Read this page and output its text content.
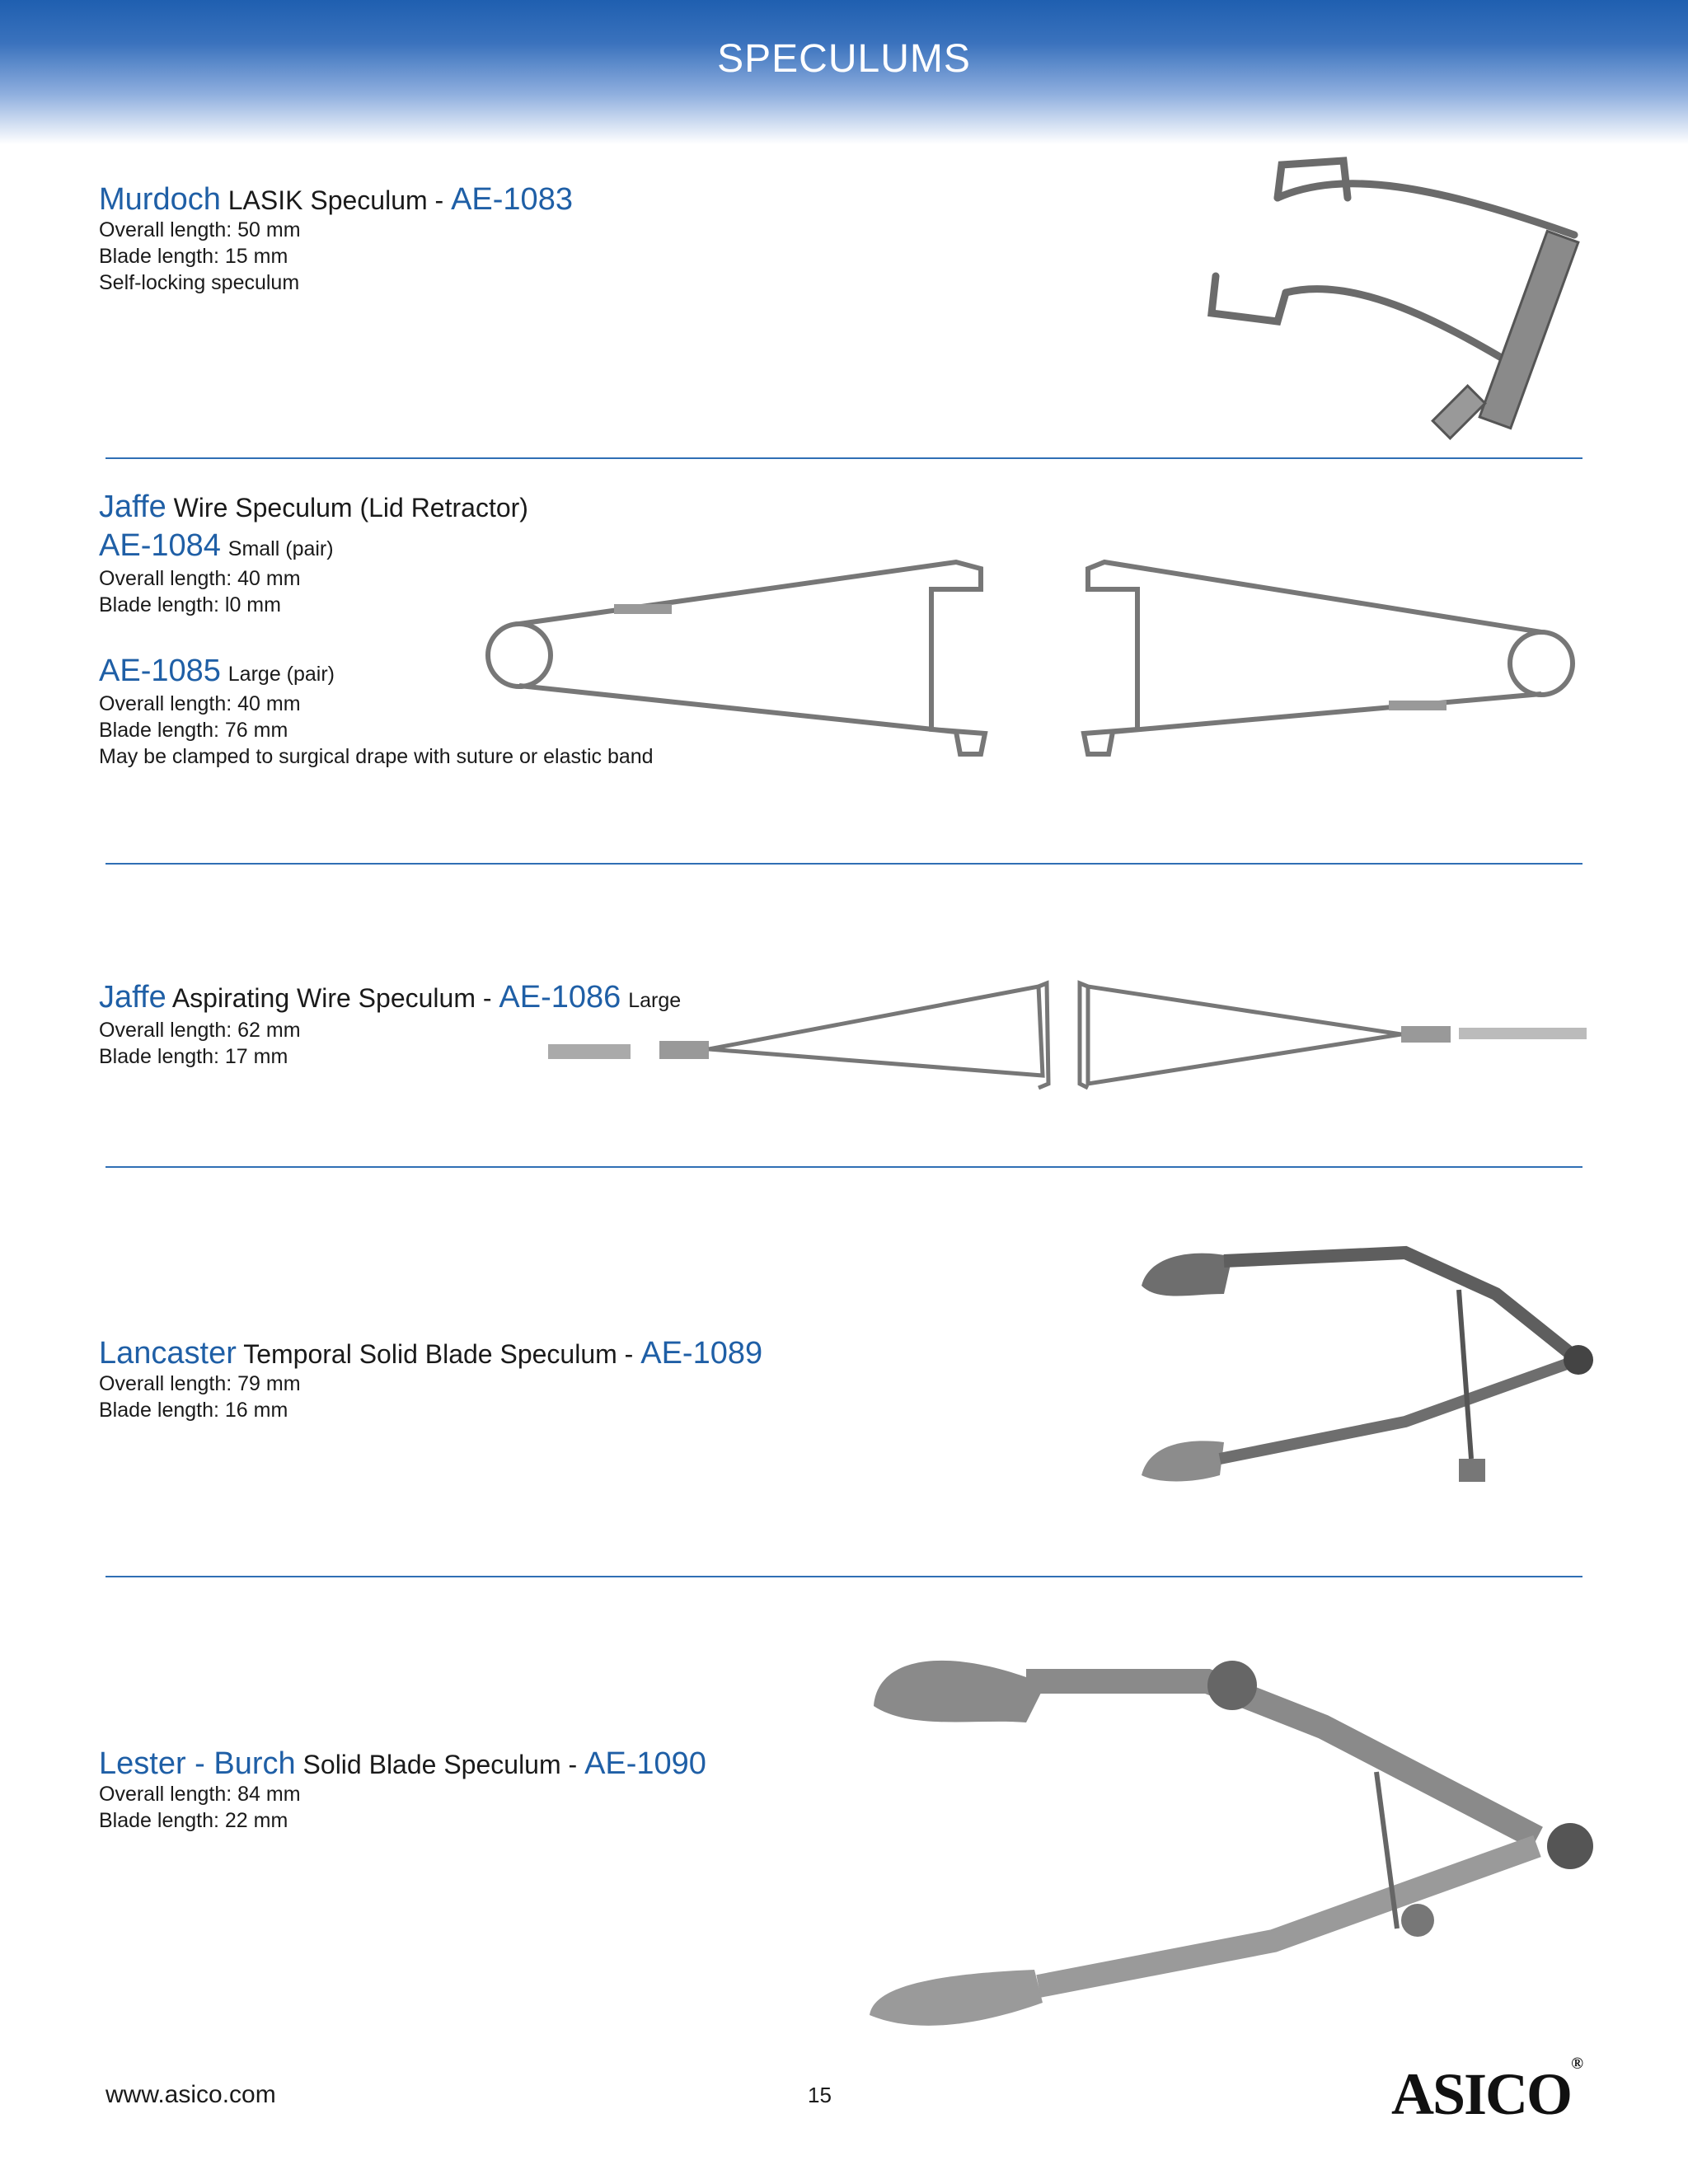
SPECULUMS
Murdoch LASIK Speculum - AE-1083
Overall length: 50 mm
Blade length: 15 mm
Self-locking speculum
Jaffe Wire Speculum (Lid Retractor)
AE-1084 Small (pair)
Overall length: 40 mm
Blade length: l0 mm
AE-1085 Large (pair)
Overall length: 40 mm
Blade length: 76 mm
May be clamped to surgical drape with suture or elastic band
Jaffe Aspirating Wire Speculum - AE-1086 Large
Overall length: 62 mm
Blade length: 17 mm
Lancaster Temporal Solid Blade Speculum - AE-1089
Overall length: 79 mm
Blade length: 16 mm
Lester - Burch Solid Blade Speculum - AE-1090
Overall length: 84 mm
Blade length: 22 mm
www.asico.com	15	ASICO®
